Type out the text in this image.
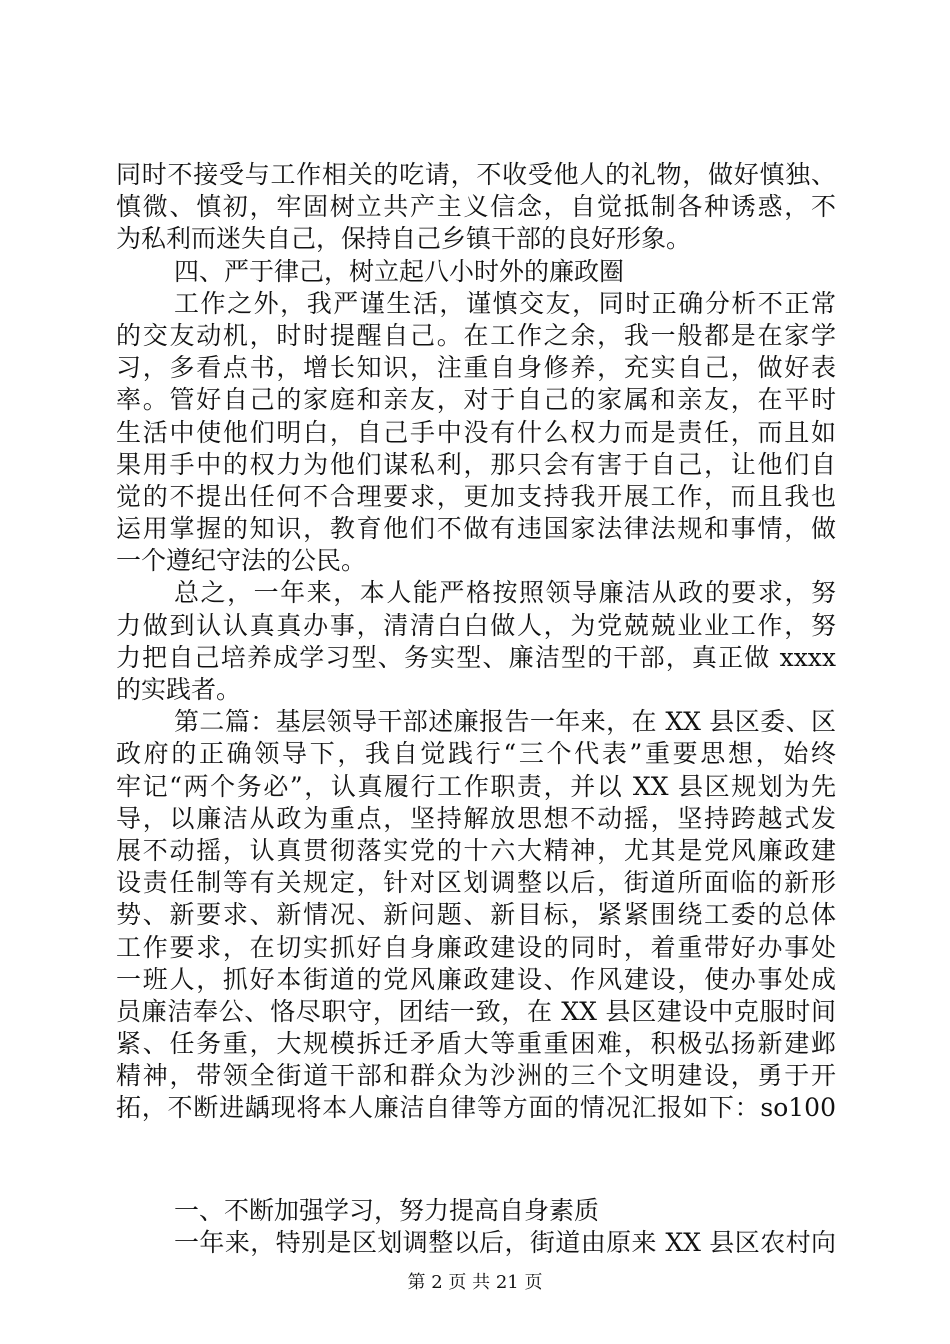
同时不接受与工作相关的吃请，不收受他人的礼物，做好慎独、
慎微、慎初，牢固树立共产主义信念，自觉抵制各种诱惑，不
为私利而迷失自己，保持自己乡镇干部的良好形象。
四、严于律己，树立起八小时外的廉政圈
工作之外，我严谨生活，谨慎交友，同时正确分析不正常
的交友动机，时时提醒自己。在工作之余，我一般都是在家学
习，多看点书，增长知识，注重自身修养，充实自己，做好表
率。管好自己的家庭和亲友，对于自己的家属和亲友，在平时
生活中使他们明白，自己手中没有什么权力而是责任，而且如
果用手中的权力为他们谋私利，那只会有害于自己，让他们自
觉的不提出任何不合理要求，更加支持我开展工作，而且我也
运用掌握的知识，教育他们不做有违国家法律法规和事情，做
一个遵纪守法的公民。
总之，一年来，本人能严格按照领导廉洁从政的要求，努
力做到认认真真办事，清清白白做人，为党兢兢业业工作，努
力把自己培养成学习型、务实型、廉洁型的干部，真正做 xxxx
的实践者。
第二篇：基层领导干部述廉报告一年来，在 XX 县区委、区
政府的正确领导下，我自觉践行“三个代表”重要思想，始终
牢记“两个务必”，认真履行工作职责，并以 XX 县区规划为先
导，以廉洁从政为重点，坚持解放思想不动摇，坚持跨越式发
展不动摇，认真贯彻落实党的十六大精神，尤其是党风廉政建
设责任制等有关规定，针对区划调整以后，街道所面临的新形
势、新要求、新情况、新问题、新目标，紧紧围绕工委的总体
工作要求，在切实抓好自身廉政建设的同时，着重带好办事处
一班人，抓好本街道的党风廉政建设、作风建设，使办事处成
员廉洁奉公、恪尽职守，团结一致，在 XX 县区建设中克服时间
紧、任务重，大规模拆迁矛盾大等重重困难，积极弘扬新建邺
精神，带领全街道干部和群众为沙洲的三个文明建设，勇于开
拓，不断进龋现将本人廉洁自律等方面的情况汇报如下：so100
一、不断加强学习，努力提高自身素质
一年来，特别是区划调整以后，街道由原来 XX 县区农村向
第 2 页 共 21 页
